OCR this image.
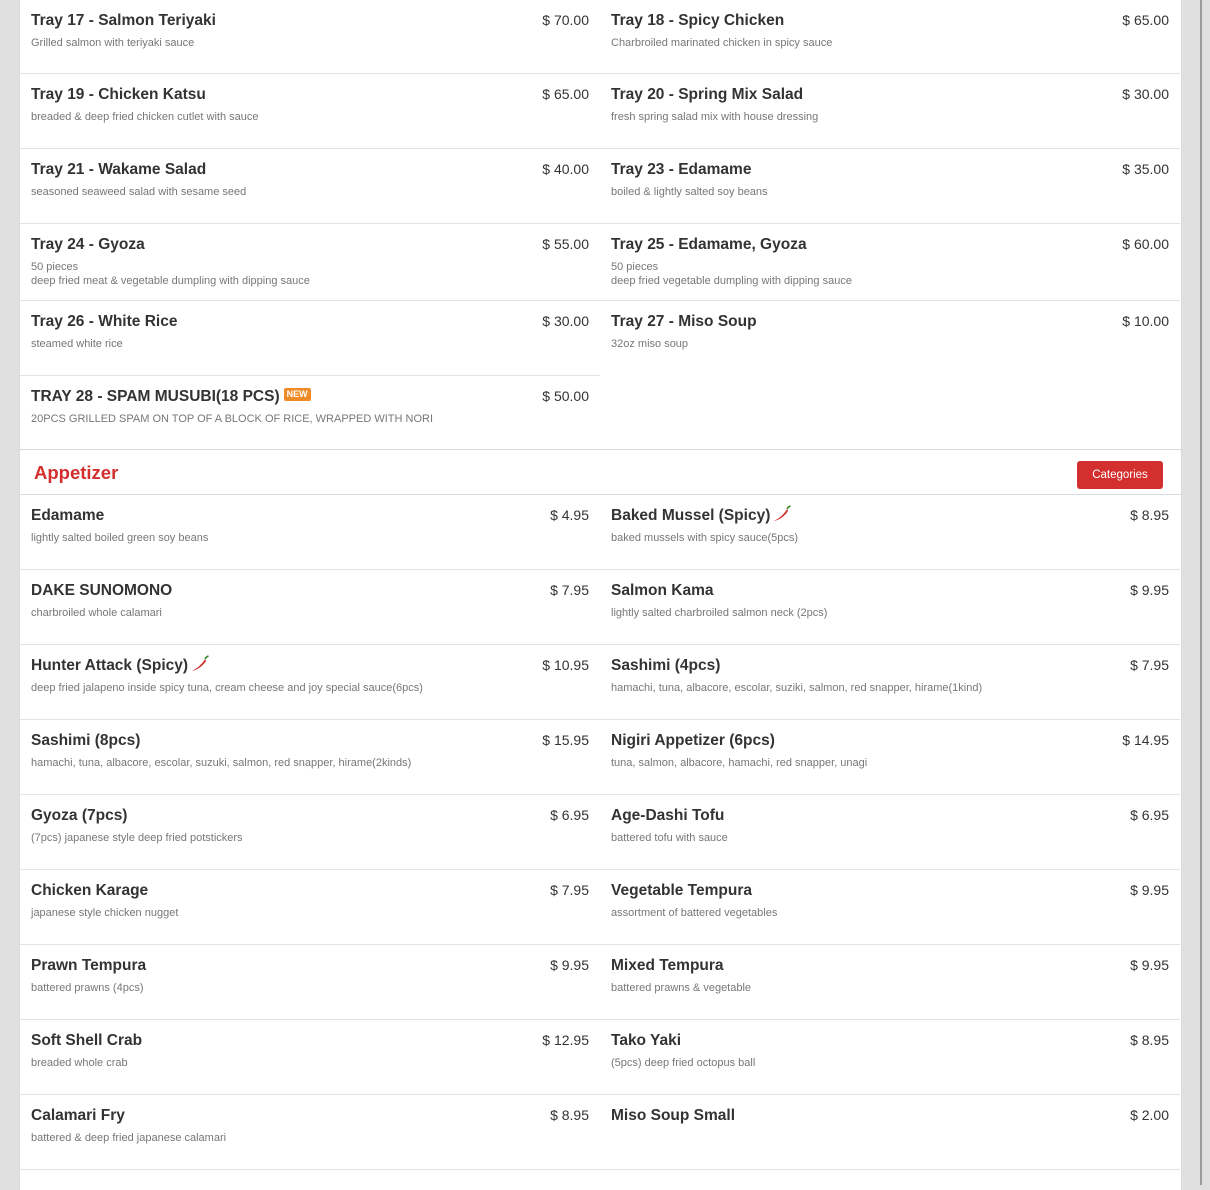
Tray 17 - Salmon Teriyaki	$ 70.00
Grilled salmon with teriyaki sauce
Tray 18 - Spicy Chicken	$ 65.00
Charbroiled marinated chicken in spicy sauce
Tray 19 - Chicken Katsu	$ 65.00
breaded & deep fried chicken cutlet with sauce
Tray 20 - Spring Mix Salad	$ 30.00
fresh spring salad mix with house dressing
Tray 21 - Wakame Salad	$ 40.00
seasoned seaweed salad with sesame seed
Tray 23 - Edamame	$ 35.00
boiled & lightly salted soy beans
Tray 24 - Gyoza	$ 55.00
50 pieces
deep fried meat & vegetable dumpling with dipping sauce
Tray 25 - Edamame, Gyoza	$ 60.00
50 pieces
deep fried vegetable dumpling with dipping sauce
Tray 26 - White Rice	$ 30.00
steamed white rice
Tray 27 - Miso Soup	$ 10.00
32oz miso soup
TRAY 28 - SPAM MUSUBI(18 PCS) NEW	$ 50.00
20PCS GRILLED SPAM ON TOP OF A BLOCK OF RICE, WRAPPED WITH NORI
Appetizer	Categories
Edamame	$ 4.95
lightly salted boiled green soy beans
Baked Mussel (Spicy)	$ 8.95
baked mussels with spicy sauce(5pcs)
DAKE SUNOMONO	$ 7.95
charbroiled whole calamari
Salmon Kama	$ 9.95
lightly salted charbroiled salmon neck (2pcs)
Hunter Attack (Spicy)	$ 10.95
deep fried jalapeno inside spicy tuna, cream cheese and joy special sauce(6pcs)
Sashimi (4pcs)	$ 7.95
hamachi, tuna, albacore, escolar, suziki, salmon, red snapper, hirame(1kind)
Sashimi (8pcs)	$ 15.95
hamachi, tuna, albacore, escolar, suzuki, salmon, red snapper, hirame(2kinds)
Nigiri Appetizer (6pcs)	$ 14.95
tuna, salmon, albacore, hamachi, red snapper, unagi
Gyoza (7pcs)	$ 6.95
(7pcs) japanese style deep fried potstickers
Age-Dashi Tofu	$ 6.95
battered tofu with sauce
Chicken Karage	$ 7.95
japanese style chicken nugget
Vegetable Tempura	$ 9.95
assortment of battered vegetables
Prawn Tempura	$ 9.95
battered prawns (4pcs)
Mixed Tempura	$ 9.95
battered prawns & vegetable
Soft Shell Crab	$ 12.95
breaded whole crab
Tako Yaki	$ 8.95
(5pcs) deep fried octopus ball
Calamari Fry	$ 8.95
battered & deep fried japanese calamari
Miso Soup Small	$ 2.00
